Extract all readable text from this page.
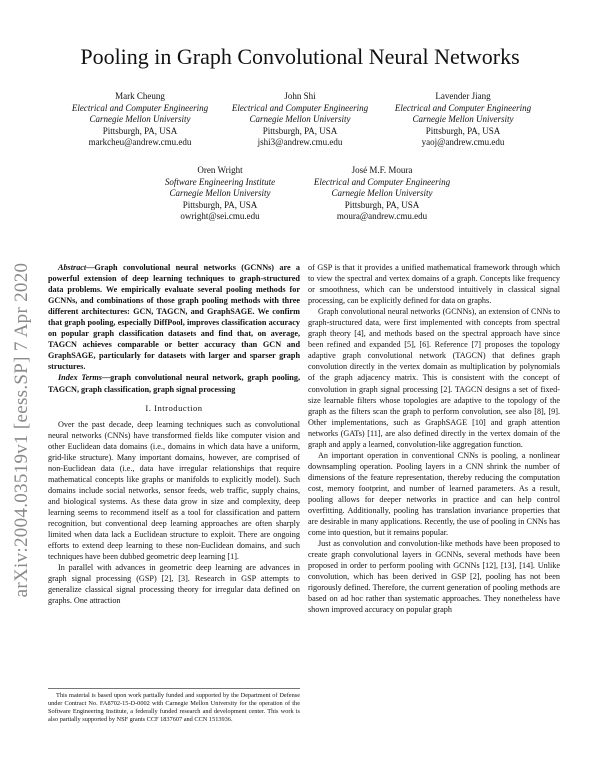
Pooling in Graph Convolutional Neural Networks
Mark Cheung
Electrical and Computer Engineering
Carnegie Mellon University
Pittsburgh, PA, USA
markcheu@andrew.cmu.edu
John Shi
Electrical and Computer Engineering
Carnegie Mellon University
Pittsburgh, PA, USA
jshi3@andrew.cmu.edu
Lavender Jiang
Electrical and Computer Engineering
Carnegie Mellon University
Pittsburgh, PA, USA
yaoj@andrew.cmu.edu
Oren Wright
Software Engineering Institute
Carnegie Mellon University
Pittsburgh, PA, USA
owright@sei.cmu.edu
José M.F. Moura
Electrical and Computer Engineering
Carnegie Mellon University
Pittsburgh, PA, USA
moura@andrew.cmu.edu
arXiv:2004.03519v1 [eess.SP] 7 Apr 2020	Abstract—Graph convolutional neural networks (GCNNs) are a powerful extension of deep learning techniques to graph-structured data problems. We empirically evaluate several pooling methods for GCNNs, and combinations of those graph pooling methods with three different architectures: GCN, TAGCN, and GraphSAGE. We confirm that graph pooling, especially DiffPool, improves classification accuracy on popular graph classification datasets and find that, on average, TAGCN achieves comparable or better accuracy than GCN and GraphSAGE, particularly for datasets with larger and sparser graph structures.

Index Terms—graph convolutional neural network, graph pooling, TAGCN, graph classification, graph signal processing

I. Introduction

Over the past decade, deep learning techniques such as convolutional neural networks (CNNs) have transformed fields like computer vision and other Euclidean data domains (i.e., domains in which data have a uniform, grid-like structure). Many important domains, however, are comprised of non-Euclidean data (i.e., data have irregular relationships that require mathematical concepts like graphs or manifolds to explicitly model). Such domains include social networks, sensor feeds, web traffic, supply chains, and biological systems. As these data grow in size and complexity, deep learning seems to recommend itself as a tool for classification and pattern recognition, but conventional deep learning approaches are often sharply limited when data lack a Euclidean structure to exploit. There are ongoing efforts to extend deep learning to these non-Euclidean domains, and such techniques have been dubbed geometric deep learning [1].

In parallel with advances in geometric deep learning are advances in graph signal processing (GSP) [2], [3]. Research in GSP attempts to generalize classical signal processing theory for irregular data defined on graphs. One attraction

This material is based upon work partially funded and supported by the Department of Defense under Contract No. FA8702-15-D-0002 with Carnegie Mellon University for the operation of the Software Engineering Institute, a federally funded research and development center. This work is also partially supported by NSF grants CCF 1837607 and CCN 1513936.

of GSP is that it provides a unified mathematical framework through which to view the spectral and vertex domains of a graph. Concepts like frequency or smoothness, which can be understood intuitively in classical signal processing, can be explicitly defined for data on graphs.

Graph convolutional neural networks (GCNNs), an extension of CNNs to graph-structured data, were first implemented with concepts from spectral graph theory [4], and methods based on the spectral approach have since been refined and expanded [5], [6]. Reference [7] proposes the topology adaptive graph convolutional network (TAGCN) that defines graph convolution directly in the vertex domain as multiplication by polynomials of the graph adjacency matrix. This is consistent with the concept of convolution in graph signal processing [2]. TAGCN designs a set of fixed-size learnable filters whose topologies are adaptive to the topology of the graph as the filters scan the graph to perform convolution, see also [8], [9]. Other implementations, such as GraphSAGE [10] and graph attention networks (GATs) [11], are also defined directly in the vertex domain of the graph and apply a learned, convolution-like aggregation function.

An important operation in conventional CNNs is pooling, a nonlinear downsampling operation. Pooling layers in a CNN shrink the number of dimensions of the feature representation, thereby reducing the computation cost, memory footprint, and number of learned parameters. As a result, pooling allows for deeper networks in practice and can help control overfitting. Additionally, pooling has translation invariance properties that are desirable in many applications. Recently, the use of pooling in CNNs has come into question, but it remains popular.

Just as convolution and convolution-like methods have been proposed to create graph convolutional layers in GCNNs, several methods have been proposed in order to perform pooling with GCNNs [12], [13], [14]. Unlike convolution, which has been derived in GSP [2], pooling has not been rigorously defined. Therefore, the current generation of pooling methods are based on ad hoc rather than systematic approaches. They nonetheless have shown improved accuracy on popular graph
